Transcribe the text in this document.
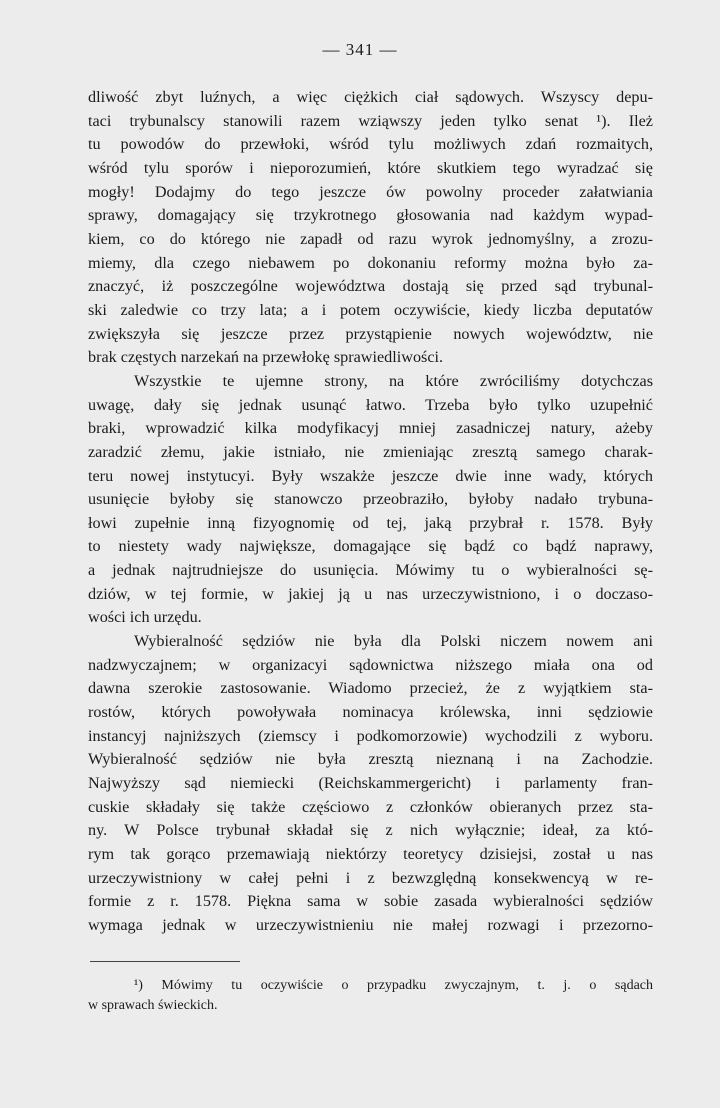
— 341 —

dliwość zbyt luźnych, a więc ciężkich ciał sądowych. Wszyscy depu-
taci trybunalscy stanowili razem wziąwszy jeden tylko senat ¹). Ileż
tu powodów do przewłoki, wśród tylu możliwych zdań rozmaitych,
wśród tylu sporów i nieporozumień, które skutkiem tego wyradzać się
mogły! Dodajmy do tego jeszcze ów powolny proceder załatwiania
sprawy, domagający się trzykrotnego głosowania nad każdym wypad-
kiem, co do którego nie zapadł od razu wyrok jednomyślny, a zrozu-
miemy, dla czego niebawem po dokonaniu reformy można było za-
znaczyć, iż poszczególne województwa dostają się przed sąd trybunal-
ski zaledwie co trzy lata; a i potem oczywiście, kiedy liczba deputatów
zwiększyła się jeszcze przez przystąpienie nowych województw, nie
brak częstych narzekań na przewłokę sprawiedliwości.

Wszystkie te ujemne strony, na które zwróciliśmy dotychczas
uwagę, dały się jednak usunąć łatwo. Trzeba było tylko uzupełnić
braki, wprowadzić kilka modyfikacyj mniej zasadniczej natury, ażeby
zaradzić złemu, jakie istniało, nie zmieniając zresztą samego charak-
teru nowej instytucyi. Były wszakże jeszcze dwie inne wady, których
usunięcie byłoby się stanowczo przeobraziło, byłoby nadało trybuna-
łowi zupełnie inną fizyognomię od tej, jaką przybrał r. 1578. Były
to niestety wady największe, domagające się bądź co bądź naprawy,
a jednak najtrudniejsze do usunięcia. Mówimy tu o wybieralności sę-
dziów, w tej formie, w jakiej ją u nas urzeczywistniono, i o doczaso-
wości ich urzędu.

Wybieralność sędziów nie była dla Polski niczem nowem ani
nadzwyczajnem; w organizacyi sądownictwa niższego miała ona od
dawna szerokie zastosowanie. Wiadomo przecież, że z wyjątkiem sta-
rostów, których powoływała nominacya królewska, inni sędziowie
instancyj najniższych (ziemscy i podkomorzowie) wychodzili z wyboru.
Wybieralność sędziów nie była zresztą nieznaną i na Zachodzie.
Najwyższy sąd niemiecki (Reichskammergericht) i parlamenty fran-
cuskie składały się także częściowo z członków obieranych przez sta-
ny. W Polsce trybunał składał się z nich wyłącznie; ideał, za któ-
rym tak gorąco przemawiają niektórzy teoretycy dzisiejsi, został u nas
urzeczywistniony w całej pełni i z bezwzględną konsekwencyą w re-
formie z r. 1578. Piękna sama w sobie zasada wybieralności sędziów
wymaga jednak w urzeczywistnieniu nie małej rozwagi i przezorno-

¹) Mówimy tu oczywiście o przypadku zwyczajnym, t. j. o sądach
w sprawach świeckich.
